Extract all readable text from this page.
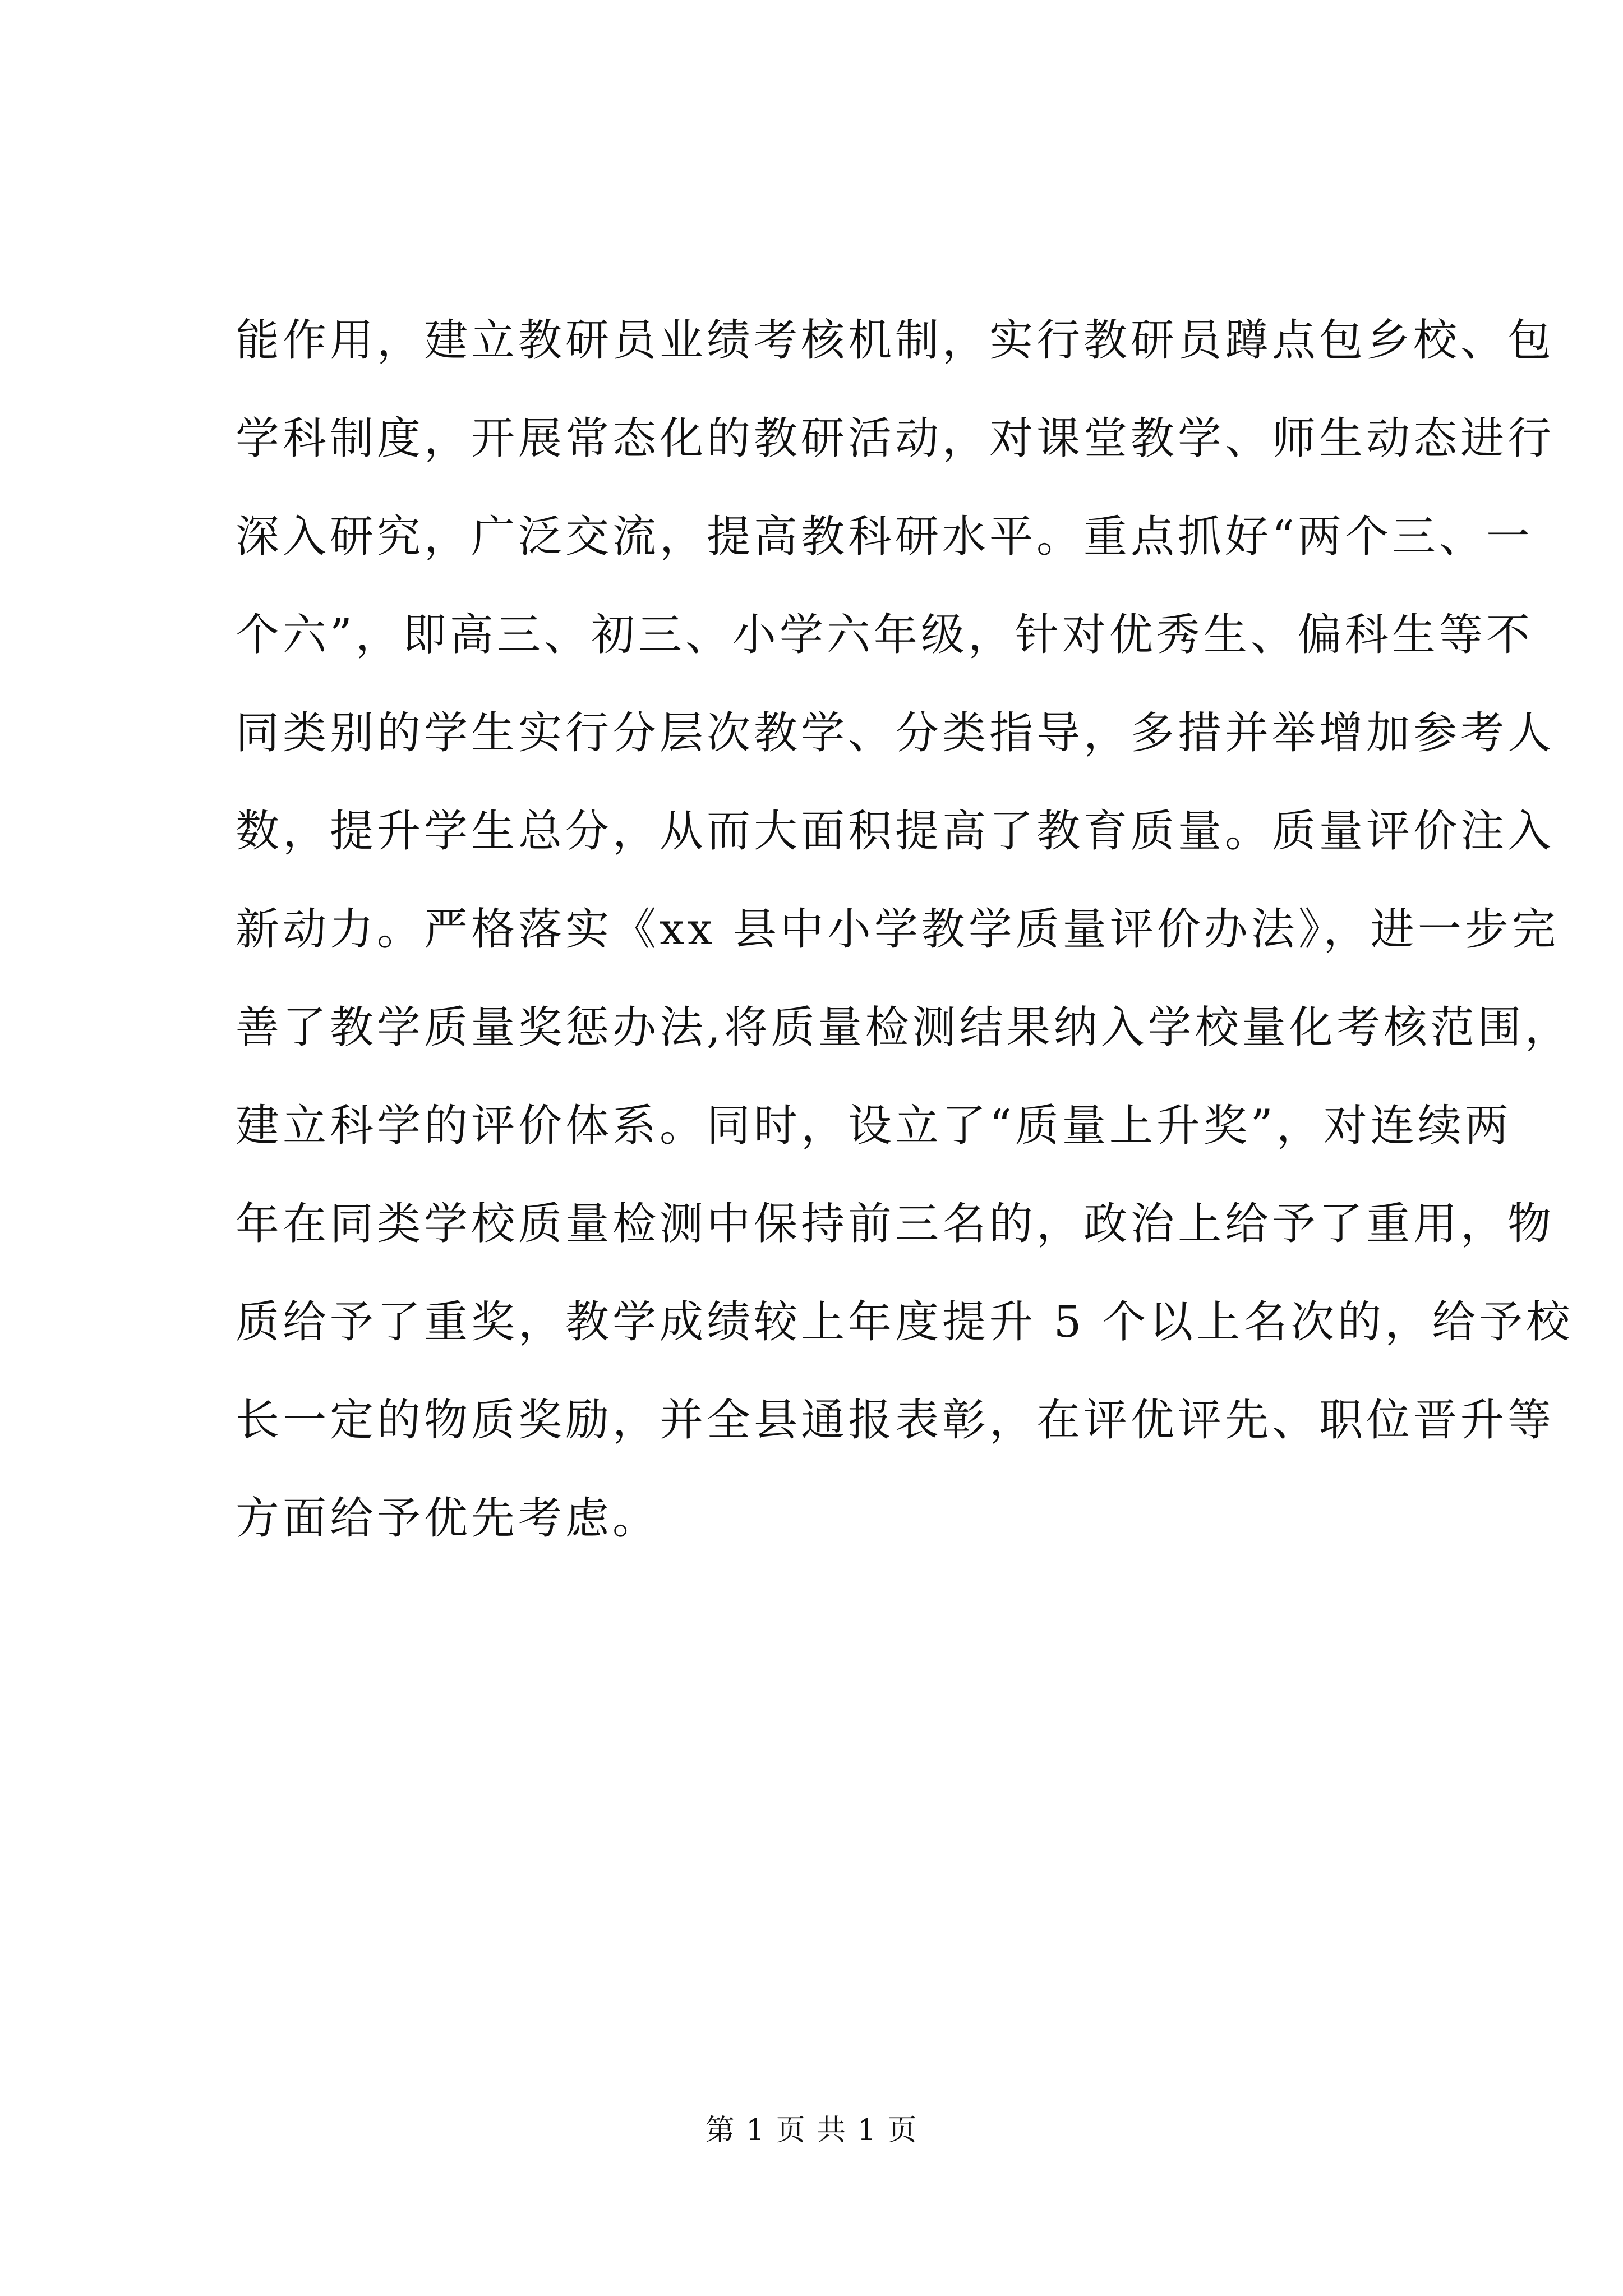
能作用，建立教研员业绩考核机制，实行教研员蹲点包乡校、包
学科制度，开展常态化的教研活动，对课堂教学、师生动态进行
深入研究，广泛交流，提高教科研水平。重点抓好“两个三、一
个六”，即高三、初三、小学六年级，针对优秀生、偏科生等不
同类别的学生实行分层次教学、分类指导，多措并举增加参考人
数，提升学生总分，从而大面积提高了教育质量。质量评价注入
新动力。严格落实《xx 县中小学教学质量评价办法》，进一步完
善了教学质量奖惩办法,将质量检测结果纳入学校量化考核范围，
建立科学的评价体系。同时，设立了“质量上升奖”，对连续两
年在同类学校质量检测中保持前三名的，政治上给予了重用，物
质给予了重奖，教学成绩较上年度提升 5 个以上名次的，给予校
长一定的物质奖励，并全县通报表彰，在评优评先、职位晋升等
方面给予优先考虑。
第 1 页 共 1 页
